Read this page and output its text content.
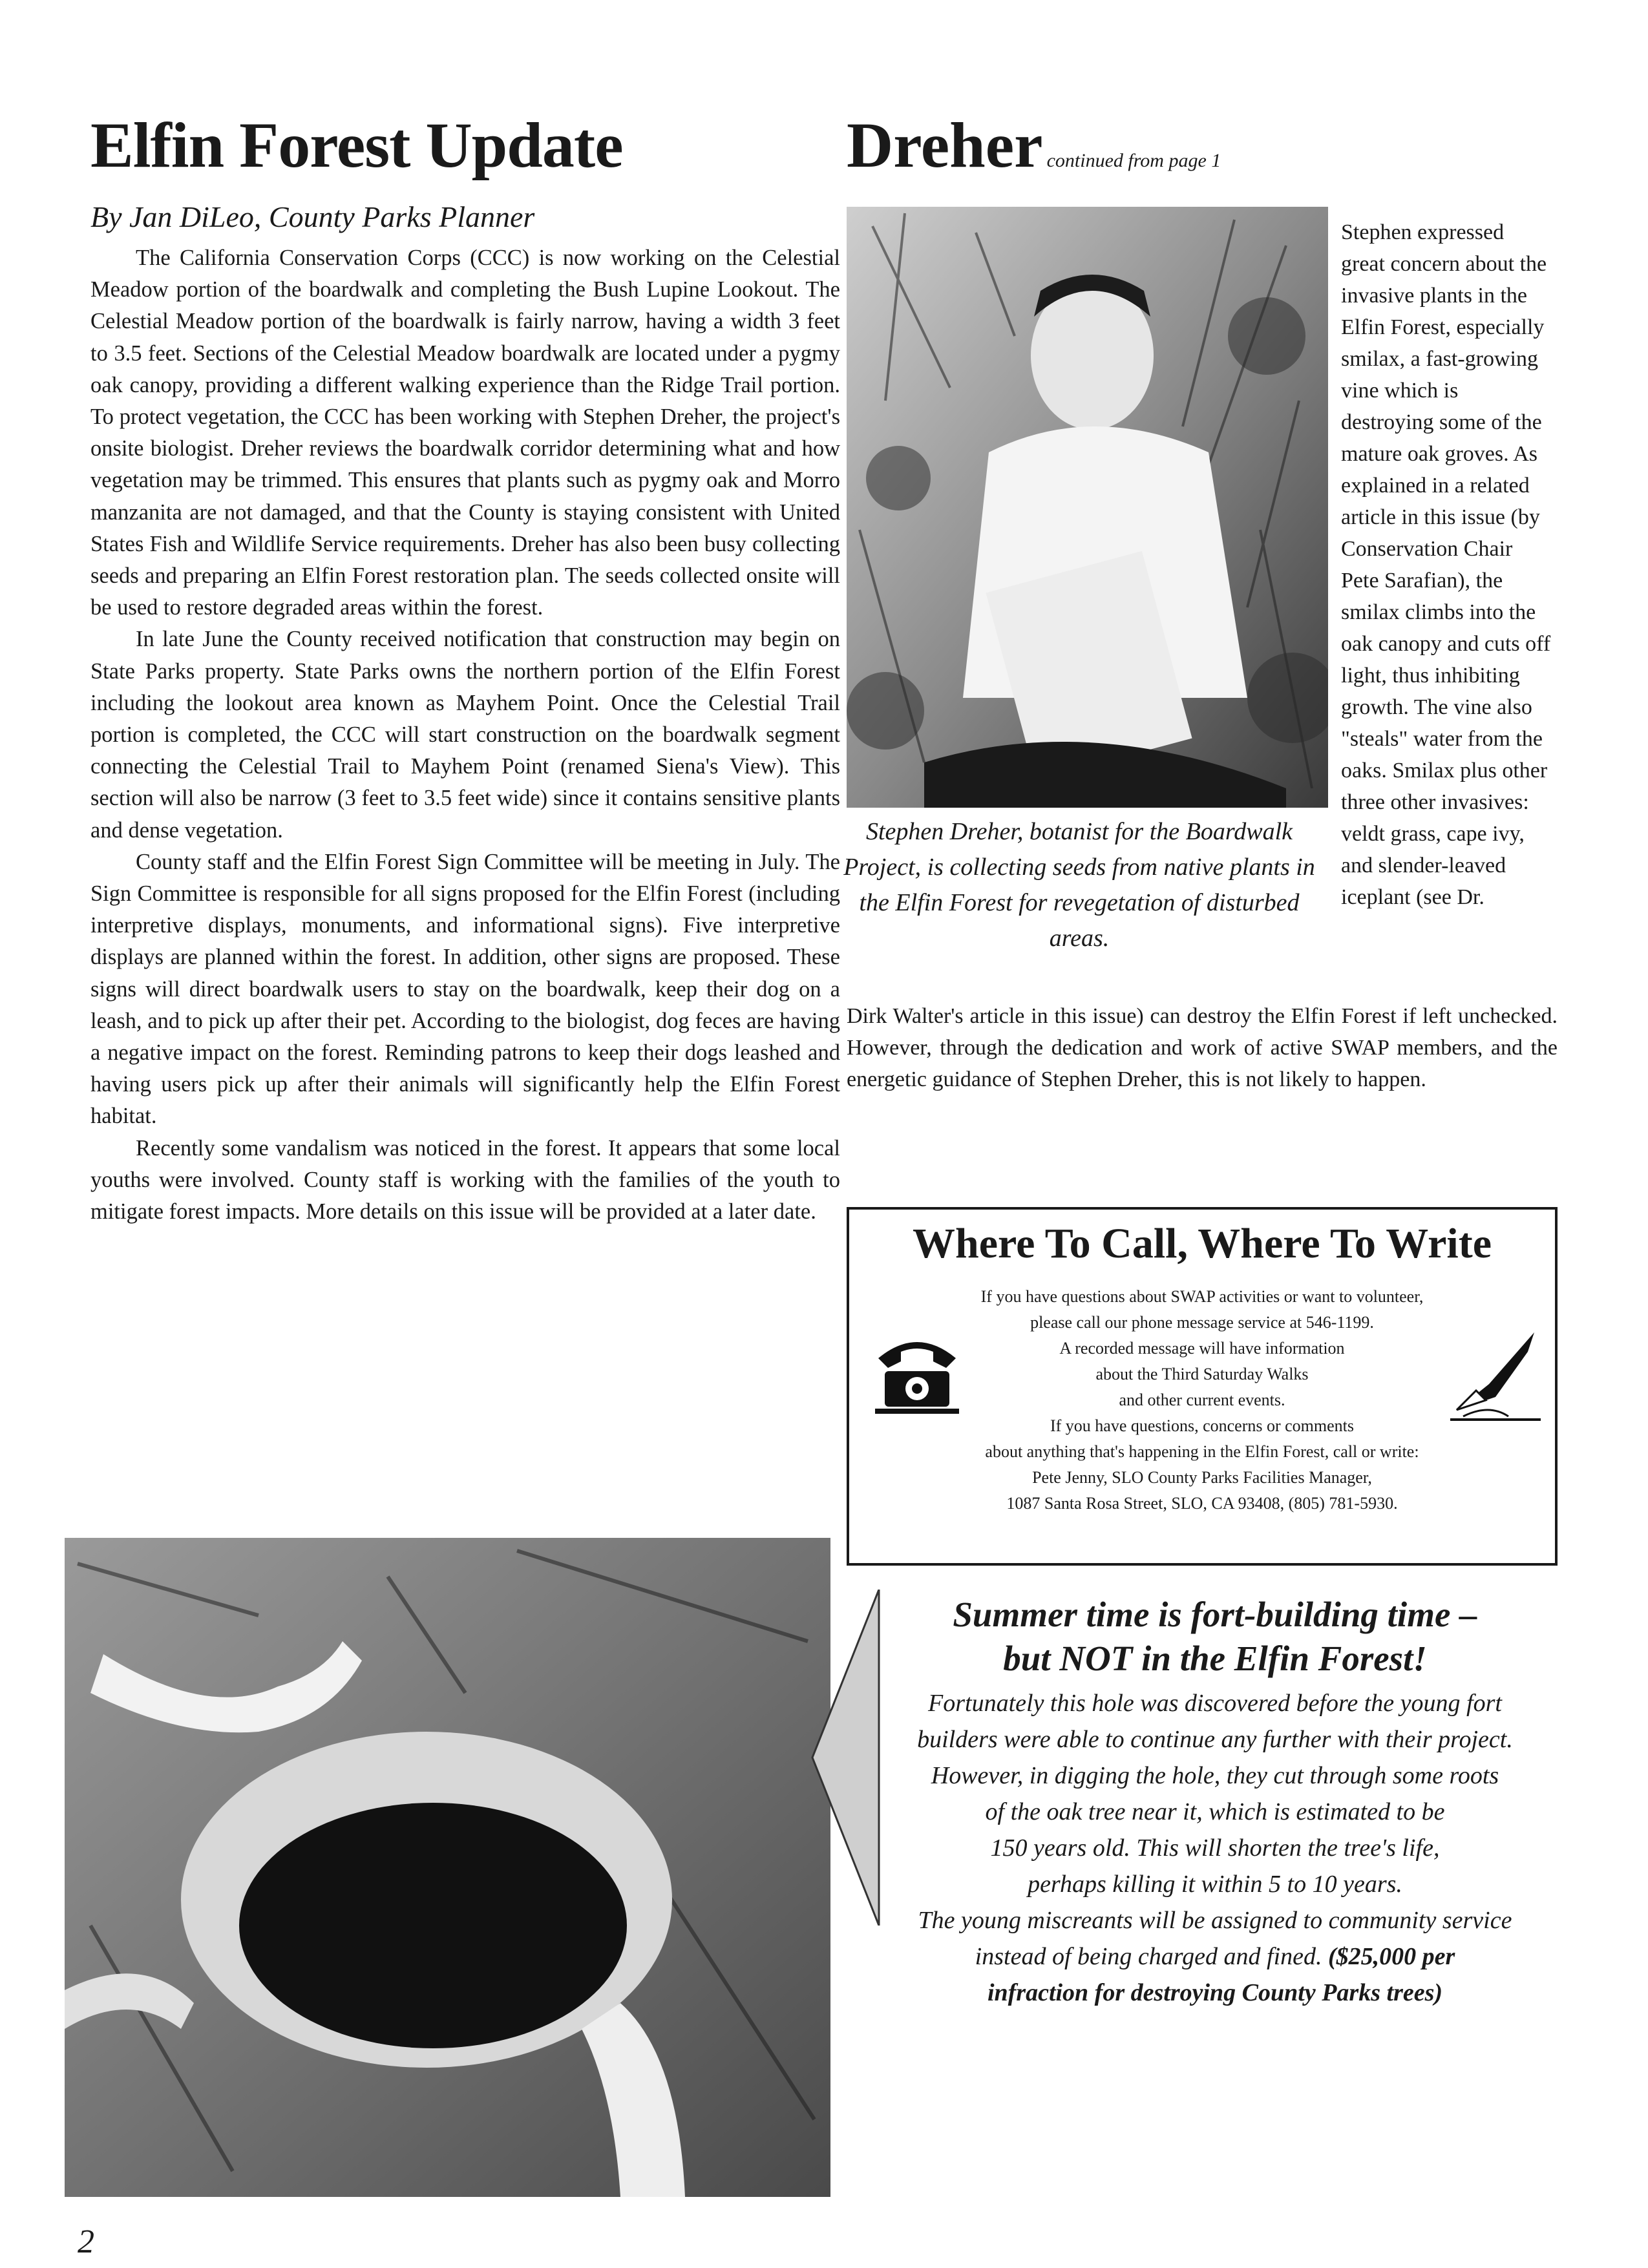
Elfin Forest Update
By Jan DiLeo, County Parks Planner

The California Conservation Corps (CCC) is now working on the Celestial Meadow portion of the boardwalk and completing the Bush Lupine Lookout. The Celestial Meadow portion of the boardwalk is fairly narrow, having a width 3 feet to 3.5 feet. Sections of the Celestial Meadow boardwalk are located under a pygmy oak canopy, providing a different walking experience than the Ridge Trail portion. To protect vegetation, the CCC has been working with Stephen Dreher, the project's onsite biologist. Dreher reviews the boardwalk corridor determining what and how vegetation may be trimmed. This ensures that plants such as pygmy oak and Morro manzanita are not damaged, and that the County is staying consistent with United States Fish and Wildlife Service requirements. Dreher has also been busy collecting seeds and preparing an Elfin Forest restoration plan. The seeds collected onsite will be used to restore degraded areas within the forest.

In late June the County received notification that construction may begin on State Parks property. State Parks owns the northern portion of the Elfin Forest including the lookout area known as Mayhem Point. Once the Celestial Trail portion is completed, the CCC will start construction on the boardwalk segment connecting the Celestial Trail to Mayhem Point (renamed Siena's View). This section will also be narrow (3 feet to 3.5 feet wide) since it contains sensitive plants and dense vegetation.

County staff and the Elfin Forest Sign Committee will be meeting in July. The Sign Committee is responsible for all signs proposed for the Elfin Forest (including interpretive displays, monuments, and informational signs). Five interpretive displays are planned within the forest. In addition, other signs are proposed. These signs will direct boardwalk users to stay on the boardwalk, keep their dog on a leash, and to pick up after their pet. According to the biologist, dog feces are having a negative impact on the forest. Reminding patrons to keep their dogs leashed and having users pick up after their animals will significantly help the Elfin Forest habitat.

Recently some vandalism was noticed in the forest. It appears that some local youths were involved. County staff is working with the families of the youth to mitigate forest impacts. More details on this issue will be provided at a later date.

Dreher continued from page 1
Stephen Dreher, botanist for the Boardwalk Project, is collecting seeds from native plants in the Elfin Forest for revegetation of disturbed areas.
Stephen expressed great concern about the invasive plants in the Elfin Forest, especially smilax, a fast-growing vine which is destroying some of the mature oak groves. As explained in a related article in this issue (by Conservation Chair Pete Sarafian), the smilax climbs into the oak canopy and cuts off light, thus inhibiting growth. The vine also "steals" water from the oaks. Smilax plus other three other invasives: veldt grass, cape ivy, and slender-leaved iceplant (see Dr.
Dirk Walter's article in this issue) can destroy the Elfin Forest if left unchecked. However, through the dedication and work of active SWAP members, and the energetic guidance of Stephen Dreher, this is not likely to happen.
Where To Call, Where To Write
If you have questions about SWAP activities or want to volunteer,
please call our phone message service at 546-1199.
A recorded message will have information
about the Third Saturday Walks
and other current events.
If you have questions, concerns or comments
about anything that's happening in the Elfin Forest, call or write:
Pete Jenny, SLO County Parks Facilities Manager,
1087 Santa Rosa Street, SLO, CA 93408, (805) 781-5930.
Summer time is fort-building time –
but NOT in the Elfin Forest!
Fortunately this hole was discovered before the young fort
builders were able to continue any further with their project.
However, in digging the hole, they cut through some roots
of the oak tree near it, which is estimated to be
150 years old. This will shorten the tree's life,
perhaps killing it within 5 to 10 years.
The young miscreants will be assigned to community service
instead of being charged and fined. ($25,000 per
infraction for destroying County Parks trees)
2
